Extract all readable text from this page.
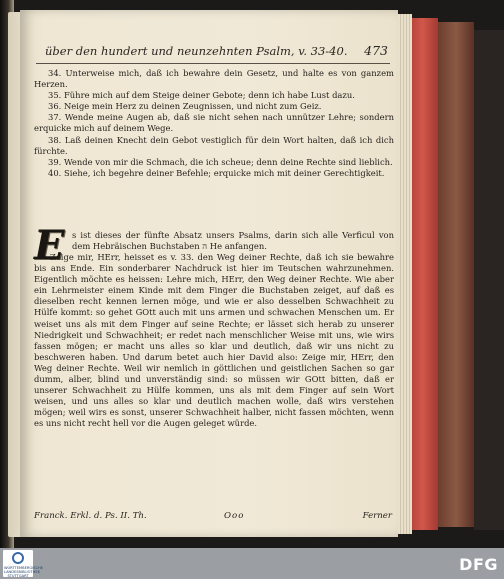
über den hundert und neunzehnten Psalm, v. 33-40. 473

34. Unterweise mich, daß ich bewahre dein Gesetz, und halte es von ganzem Herzen.

35. Führe mich auf dem Steige deiner Gebote; denn ich habe Lust dazu.

36. Neige mein Herz zu deinen Zeugnissen, und nicht zum Geiz.

37. Wende meine Augen ab, daß sie nicht sehen nach unnützer Lehre; sondern erquicke mich auf deinem Wege.

38. Laß deinen Knecht dein Gebot vestiglich für dein Wort halten, daß ich dich fürchte.

39. Wende von mir die Schmach, die ich scheue; denn deine Rechte sind lieblich.

40. Siehe, ich begehre deiner Befehle; erquicke mich mit deiner Gerechtigkeit.

E s ist dieses der fünfte Absatz unsers Psalms, darin sich alle Verficul von dem Hebräischen Buchstaben ה He anfangen.

Zeige mir, HErr, heisset es v. 33. den Weg deiner Rechte, daß ich sie bewahre bis ans Ende. Ein sonderbarer Nachdruck ist hier im Teutschen wahrzunehmen. Eigentlich möchte es heissen: Lehre mich, HErr, den Weg deiner Rechte. Wie aber ein Lehrmeister einem Kinde mit dem Finger die Buchstaben zeiget, auf daß es dieselben recht kennen lernen möge, und wie er also desselben Schwachheit zu Hülfe kommt: so gehet GOtt auch mit uns armen und schwachen Menschen um. Er weiset uns als mit dem Finger auf seine Rechte; er lässet sich herab zu unserer Niedrigkeit und Schwachheit; er redet nach menschlicher Weise mit uns, wie wirs fassen mögen; er macht uns alles so klar und deutlich, daß wir uns nicht zu beschweren haben. Und darum betet auch hier David also: Zeige mir, HErr, den Weg deiner Rechte. Weil wir nemlich in göttlichen und geistlichen Sachen so gar dumm, alber, blind und unverständig sind: so müssen wir GOtt bitten, daß er unserer Schwachheit zu Hülfe kommen, uns als mit dem Finger auf sein Wort weisen, und uns alles so klar und deutlich machen wolle, daß wirs verstehen mögen; weil wirs es sonst, unserer Schwachheit halber, nicht fassen möchten, wenn es uns nicht recht hell vor die Augen geleget würde.

Franck. Erkl. d. Ps. II. Th.	Ooo	Ferner
WÜRTTEMBERGISCHE LANDESBIBLIOTHEK STUTTGART
DFG
